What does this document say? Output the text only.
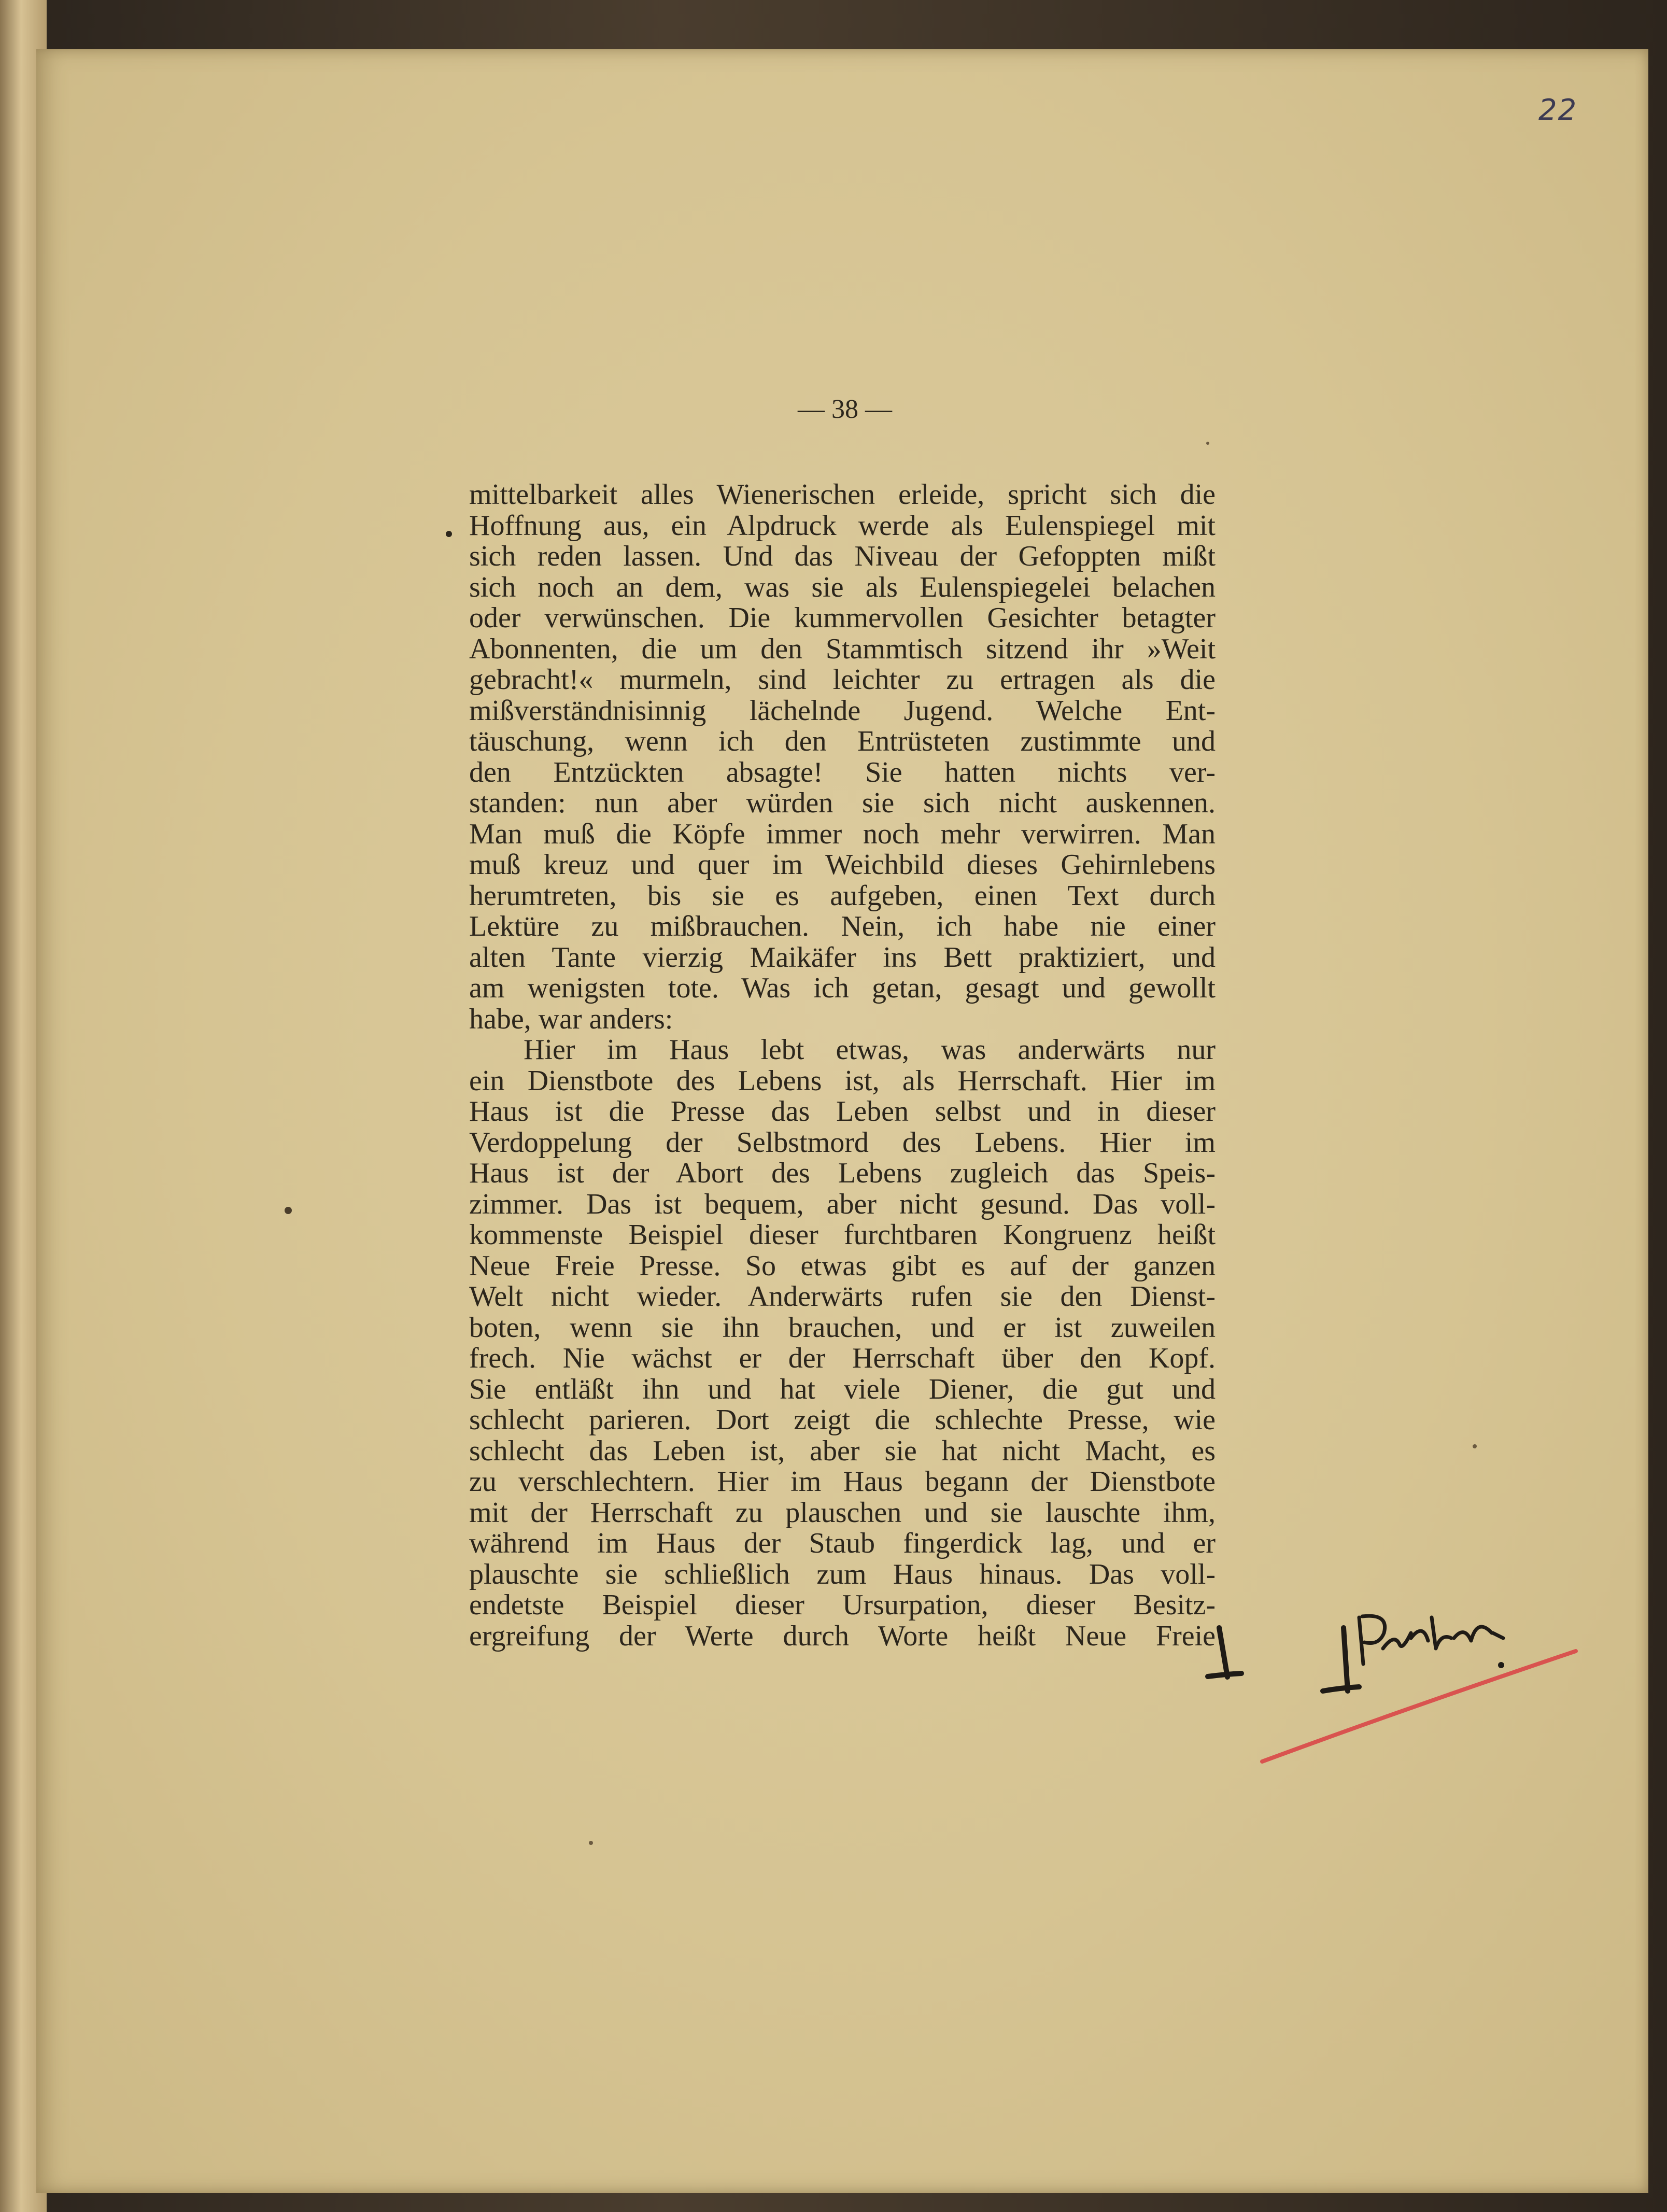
22
— 38 —
mittelbarkeit alles Wienerischen erleide, spricht sich die
Hoffnung aus, ein Alpdruck werde als Eulenspiegel mit
sich reden lassen. Und das Niveau der Gefoppten mißt
sich noch an dem, was sie als Eulenspiegelei belachen
oder verwünschen. Die kummervollen Gesichter betagter
Abonnenten, die um den Stammtisch sitzend ihr »Weit
gebracht!« murmeln, sind leichter zu ertragen als die
mißverständnisinnig lächelnde Jugend. Welche Ent-
täuschung, wenn ich den Entrüsteten zustimmte und
den Entzückten absagte! Sie hatten nichts ver-
standen: nun aber würden sie sich nicht auskennen.
Man muß die Köpfe immer noch mehr verwirren. Man
muß kreuz und quer im Weichbild dieses Gehirnlebens
herumtreten, bis sie es aufgeben, einen Text durch
Lektüre zu mißbrauchen. Nein, ich habe nie einer
alten Tante vierzig Maikäfer ins Bett praktiziert, und
am wenigsten tote. Was ich getan, gesagt und gewollt
habe, war anders:
Hier im Haus lebt etwas, was anderwärts nur
ein Dienstbote des Lebens ist, als Herrschaft. Hier im
Haus ist die Presse das Leben selbst und in dieser
Verdoppelung der Selbstmord des Lebens. Hier im
Haus ist der Abort des Lebens zugleich das Speis-
zimmer. Das ist bequem, aber nicht gesund. Das voll-
kommenste Beispiel dieser furchtbaren Kongruenz heißt
Neue Freie Presse. So etwas gibt es auf der ganzen
Welt nicht wieder. Anderwärts rufen sie den Dienst-
boten, wenn sie ihn brauchen, und er ist zuweilen
frech. Nie wächst er der Herrschaft über den Kopf.
Sie entläßt ihn und hat viele Diener, die gut und
schlecht parieren. Dort zeigt die schlechte Presse, wie
schlecht das Leben ist, aber sie hat nicht Macht, es
zu verschlechtern. Hier im Haus begann der Dienstbote
mit der Herrschaft zu plauschen und sie lauschte ihm,
während im Haus der Staub fingerdick lag, und er
plauschte sie schließlich zum Haus hinaus. Das voll-
endetste Beispiel dieser Ursurpation, dieser Besitz-
ergreifung der Werte durch Worte heißt Neue Freie
